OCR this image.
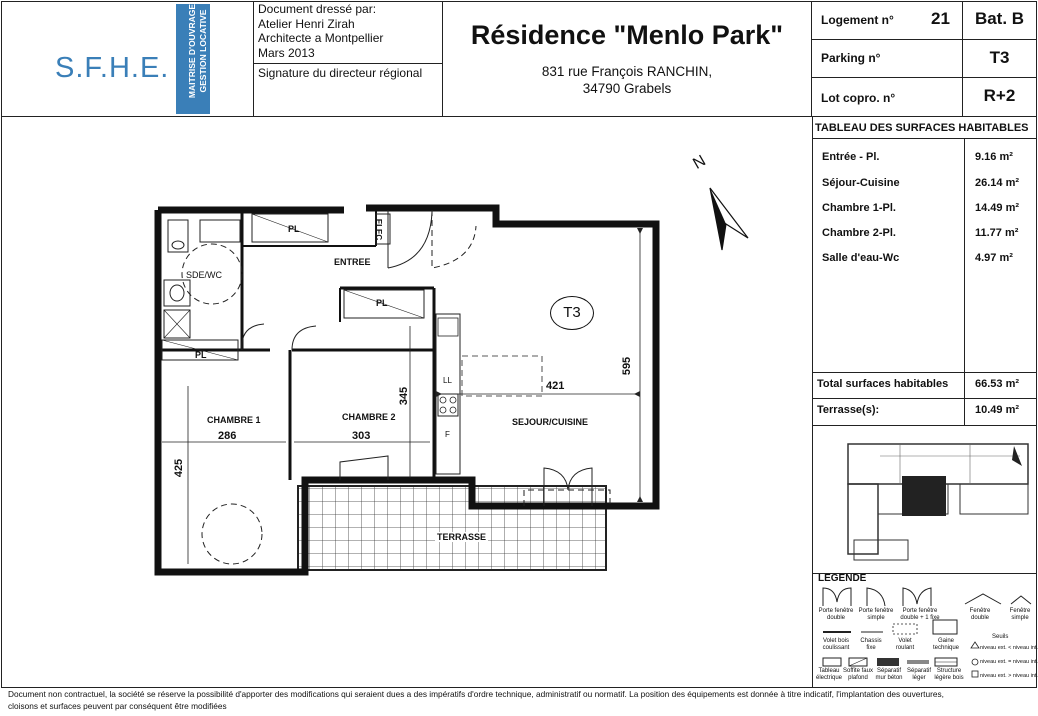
S.F.H.E. MAITRISE D'OUVRAGE GESTION LOCATIVE
Document dressé par:
Atelier Henri Zirah
Architecte a Montpellier
Mars 2013
Signature du directeur régional
Résidence "Menlo Park"
831 rue François RANCHIN,
34790 Grabels
Logement n° 21	Bat. B
Parking n°	T3
Lot copro. n°	R+2
TABLEAU DES SURFACES HABITABLES
Entrée - Pl.	9.16 m²
Séjour-Cuisine	26.14 m²
Chambre 1-Pl.	14.49 m²
Chambre 2-Pl.	11.77 m²
Salle d'eau-Wc	4.97 m²
Total surfaces habitables 66.53 m²
Terrasse(s):	10.49 m²
LEGENDE
Porte fenêtre double
Porte fenêtre simple
Porte fenêtre double + 1 fixe
Fenêtre double
Fenêtre simple
Volet bois coulissant
Chassis fixe
Volet roulant
Gaine technique
Tableau électrique
Soffite faux plafond
Séparatif mur béton
Séparatif léger
Structure légère bois
Seuils
niveau ext. < niveau int.
niveau ext. = niveau int.
niveau ext. > niveau int.
N
T3
SDE/WC
ENTREE
CHAMBRE 1	CHAMBRE 2	SEJOUR/CUISINE
TERRASSE
PL
PL
PL
ELEC
LL
F
421
595
345
286	303
425
Document non contractuel, la société se réserve la possibilité d'apporter des modifications qui seraient dues a des impératifs d'ordre technique, administratif ou normatif. La position des équipements est donnée à titre indicatif, l'implantation des ouvertures,
cloisons et surfaces peuvent par conséquent être modifiées
